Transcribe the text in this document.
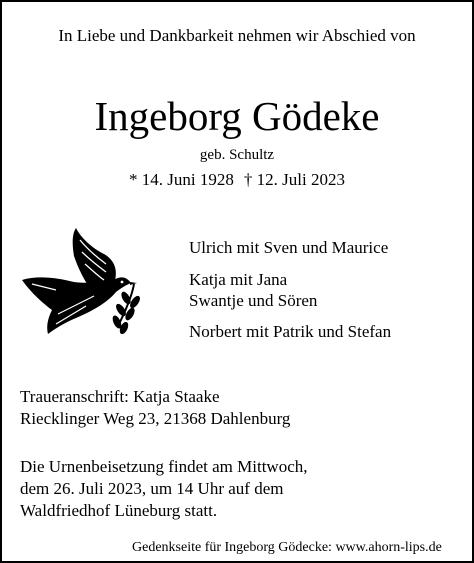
In Liebe und Dankbarkeit nehmen wir Abschied von
Ingeborg Gödeke
geb. Schultz
* 14. Juni 1928 † 12. Juli 2023
Ulrich mit Sven und Maurice
Katja mit Jana
Swantje und Sören
Norbert mit Patrik und Stefan
Traueranschrift: Katja Staake
Riecklinger Weg 23, 21368 Dahlenburg
Die Urnenbeisetzung findet am Mittwoch,
dem 26. Juli 2023, um 14 Uhr auf dem
Waldfriedhof Lüneburg statt.
Gedenkseite für Ingeborg Gödecke: www.ahorn-lips.de
